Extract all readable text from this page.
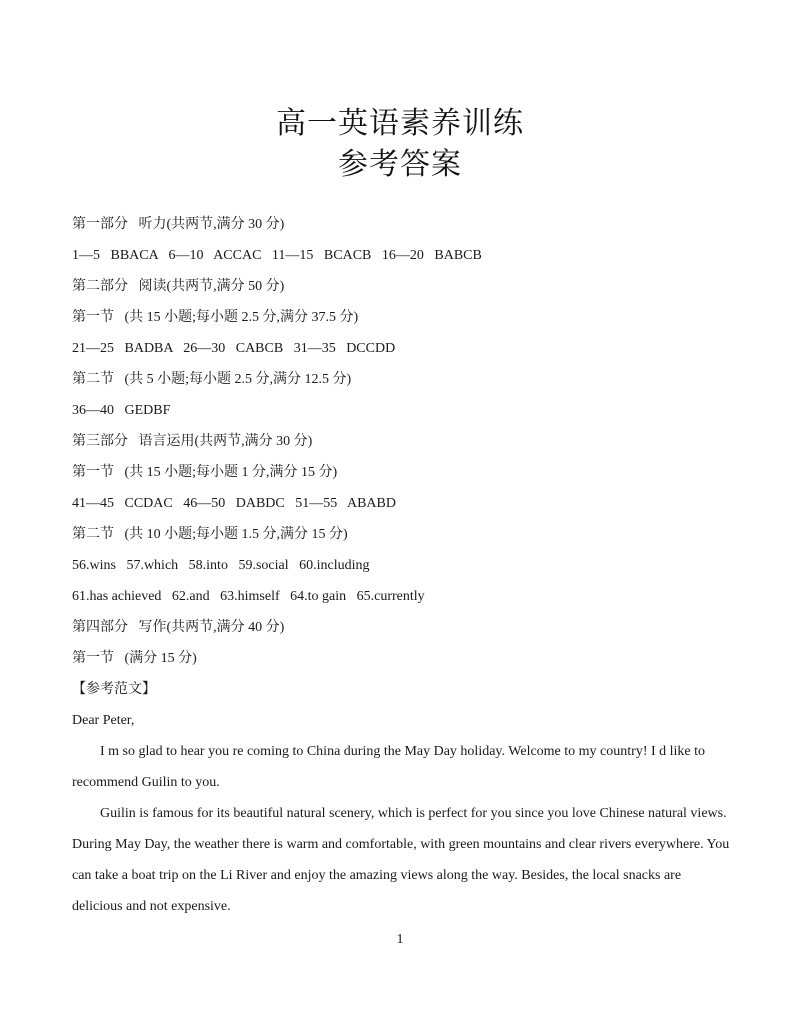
高一英语素养训练
参考答案
第一部分   听力(共两节,满分 30 分)
1—5   BBACA   6—10   ACCAC   11—15   BCACB   16—20   BABCB
第二部分   阅读(共两节,满分 50 分)
第一节   (共 15 小题;每小题 2.5 分,满分 37.5 分)
21—25   BADBA   26—30   CABCB   31—35   DCCDD
第二节   (共 5 小题;每小题 2.5 分,满分 12.5 分)
36—40   GEDBF
第三部分   语言运用(共两节,满分 30 分)
第一节   (共 15 小题;每小题 1 分,满分 15 分)
41—45   CCDAC   46—50   DABDC   51—55   ABABD
第二节   (共 10 小题;每小题 1.5 分,满分 15 分)
56.wins   57.which   58.into   59.social   60.including
61.has achieved   62.and   63.himself   64.to gain   65.currently
第四部分   写作(共两节,满分 40 分)
第一节   (满分 15 分)
【参考范文】
Dear Peter,
I m so glad to hear you re coming to China during the May Day holiday. Welcome to my country! I d like to recommend Guilin to you.
Guilin is famous for its beautiful natural scenery, which is perfect for you since you love Chinese natural views. During May Day, the weather there is warm and comfortable, with green mountains and clear rivers everywhere. You can take a boat trip on the Li River and enjoy the amazing views along the way. Besides, the local snacks are delicious and not expensive.
1
